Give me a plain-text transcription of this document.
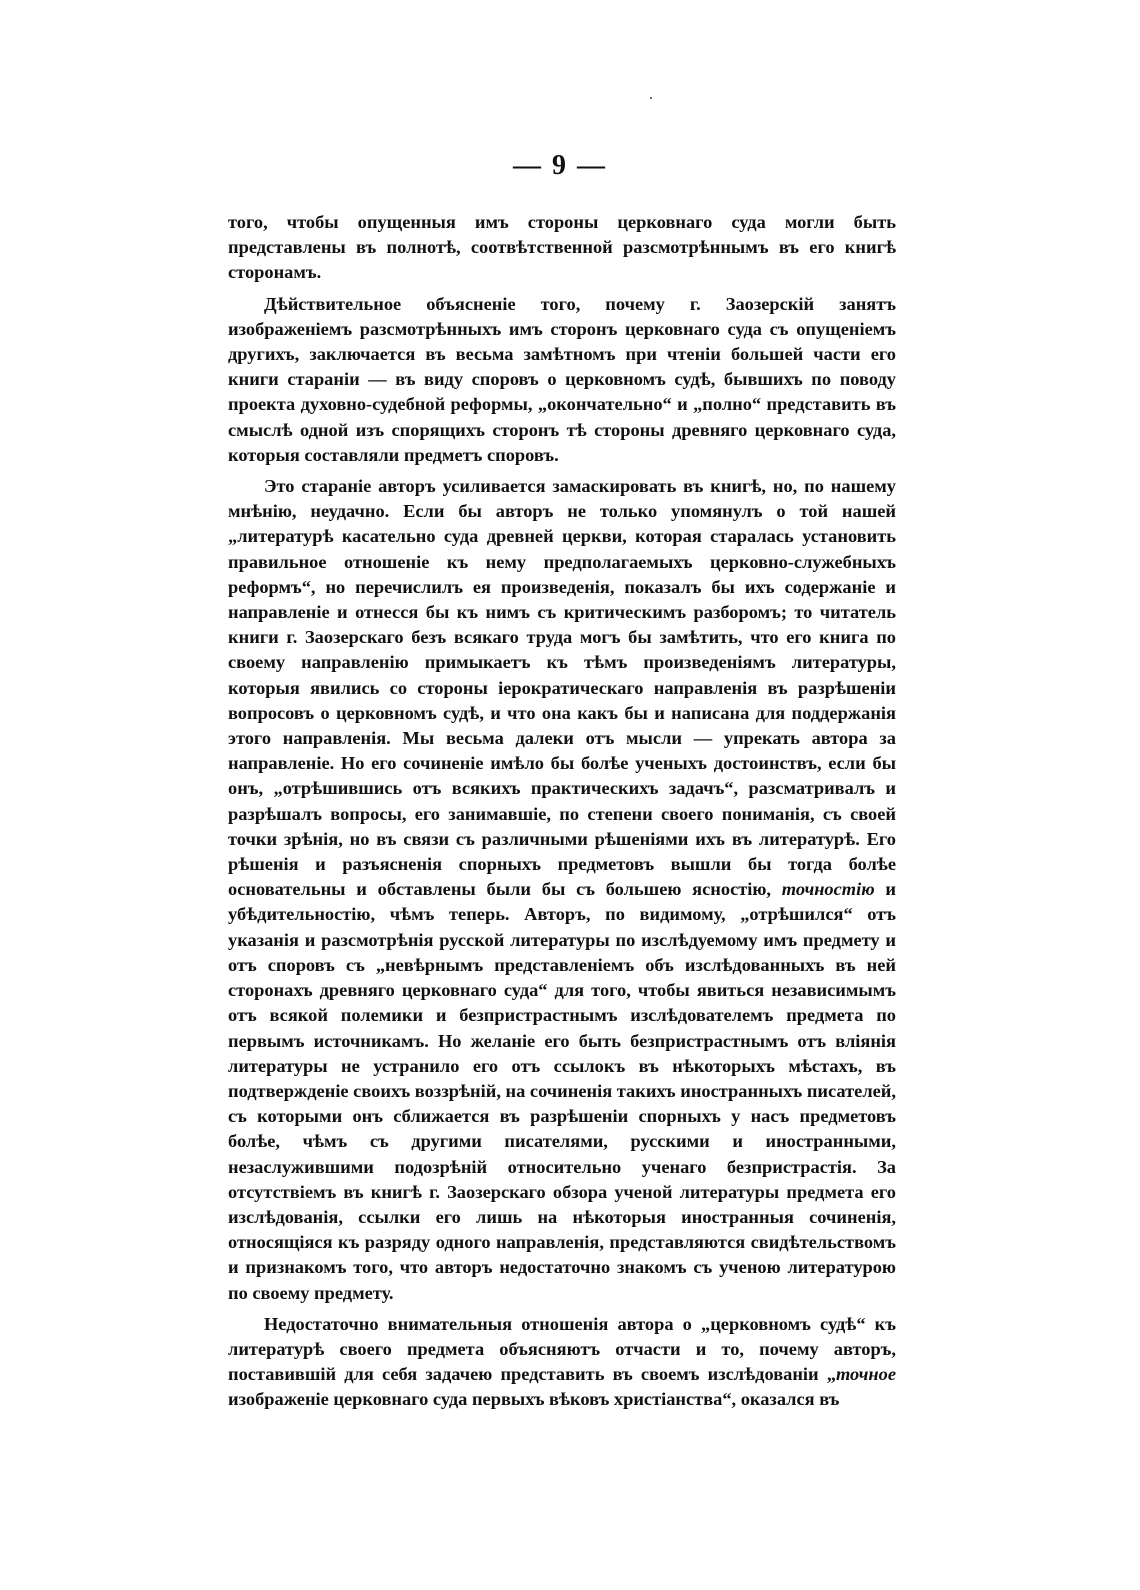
— 9 —

того, чтобы опущенныя имъ стороны церковнаго суда могли быть представлены въ полнотѣ, соотвѣтственной разсмотрѣннымъ въ его книгѣ сторонамъ.

Дѣйствительное объясненіе того, почему г. Заозерскій занятъ изображеніемъ разсмотрѣнныхъ имъ сторонъ церковнаго суда съ опущеніемъ другихъ, заключается въ весьма замѣтномъ при чтеніи большей части его книги стараніи — въ виду споровъ о церковномъ судѣ, бывшихъ по поводу проекта духовно-судебной реформы, „окончательно“ и „полно“ представить въ смыслѣ одной изъ спорящихъ сторонъ тѣ стороны древняго церковнаго суда, которыя составляли предметъ споровъ.

Это стараніе авторъ усиливается замаскировать въ книгѣ, но, по нашему мнѣнію, неудачно. Если бы авторъ не только упомянулъ о той нашей „литературѣ касательно суда древней церкви, которая старалась установить правильное отношеніе къ нему предполагаемыхъ церковно-служебныхъ реформъ“, но перечислилъ ея произведенія, показалъ бы ихъ содержаніе и направленіе и отнесся бы къ нимъ съ критическимъ разборомъ; то читатель книги г. Заозерскаго безъ всякаго труда могъ бы замѣтить, что его книга по своему направленію примыкаетъ къ тѣмъ произведеніямъ литературы, которыя явились со стороны іерократическаго направленія въ разрѣшеніи вопросовъ о церковномъ судѣ, и что она какъ бы и написана для поддержанія этого направленія. Мы весьма далеки отъ мысли — упрекать автора за направленіе. Но его сочиненіе имѣло бы болѣе ученыхъ достоинствъ, если бы онъ, „отрѣшившись отъ всякихъ практическихъ задачъ“, разсматривалъ и разрѣшалъ вопросы, его занимавшіе, по степени своего пониманія, съ своей точки зрѣнія, но въ связи съ различными рѣшеніями ихъ въ литературѣ. Его рѣшенія и разъясненія спорныхъ предметовъ вышли бы тогда болѣе основательны и обставлены были бы съ большею ясностію, точностію и убѣдительностію, чѣмъ теперь. Авторъ, по видимому, „отрѣшился“ отъ указанія и разсмотрѣнія русской литературы по изслѣдуемому имъ предмету и отъ споровъ съ „невѣрнымъ представленіемъ объ изслѣдованныхъ въ ней сторонахъ древняго церковнаго суда“ для того, чтобы явиться независимымъ отъ всякой полемики и безпристрастнымъ изслѣдователемъ предмета по первымъ источникамъ. Но желаніе его быть безпристрастнымъ отъ вліянія литературы не устранило его отъ ссылокъ въ нѣкоторыхъ мѣстахъ, въ подтвержденіе своихъ воззрѣній, на сочиненія такихъ иностранныхъ писателей, съ которыми онъ сближается въ разрѣшеніи спорныхъ у насъ предметовъ болѣе, чѣмъ съ другими писателями, русскими и иностранными, незаслужившими подозрѣній относительно ученаго безпристрастія. За отсутствіемъ въ книгѣ г. Заозерскаго обзора ученой литературы предмета его изслѣдованія, ссылки его лишь на нѣкоторыя иностранныя сочиненія, относящіяся къ разряду одного направленія, представляются свидѣтельствомъ и признакомъ того, что авторъ недостаточно знакомъ съ ученою литературою по своему предмету.

Недостаточно внимательныя отношенія автора о „церковномъ судѣ“ къ литературѣ своего предмета объясняютъ отчасти и то, почему авторъ, поставившій для себя задачею представить въ своемъ изслѣдованіи „точное изображеніе церковнаго суда первыхъ вѣковъ христіанства“, оказался въ
